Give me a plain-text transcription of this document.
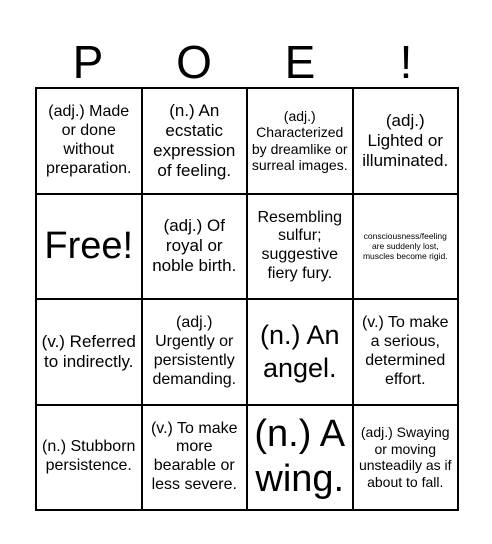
P	O	E	!
(adj.) Made or done without preparation.
(n.) An ecstatic expression of feeling.
(adj.) Characterized by dreamlike or surreal images.
(adj.) Lighted or illuminated.
Free!	(adj.) Of royal or noble birth.
Resembling sulfur; suggestive fiery fury.
consciousness/feeling are suddenly lost, muscles become rigid.
(v.) Referred to indirectly.
(adj.) Urgently or persistently demanding.
(n.) An angel.
(v.) To make a serious, determined effort.
(n.) Stubborn persistence.
(v.) To make more bearable or less severe.
(n.) A wing.
(adj.) Swaying or moving unsteadily as if about to fall.
